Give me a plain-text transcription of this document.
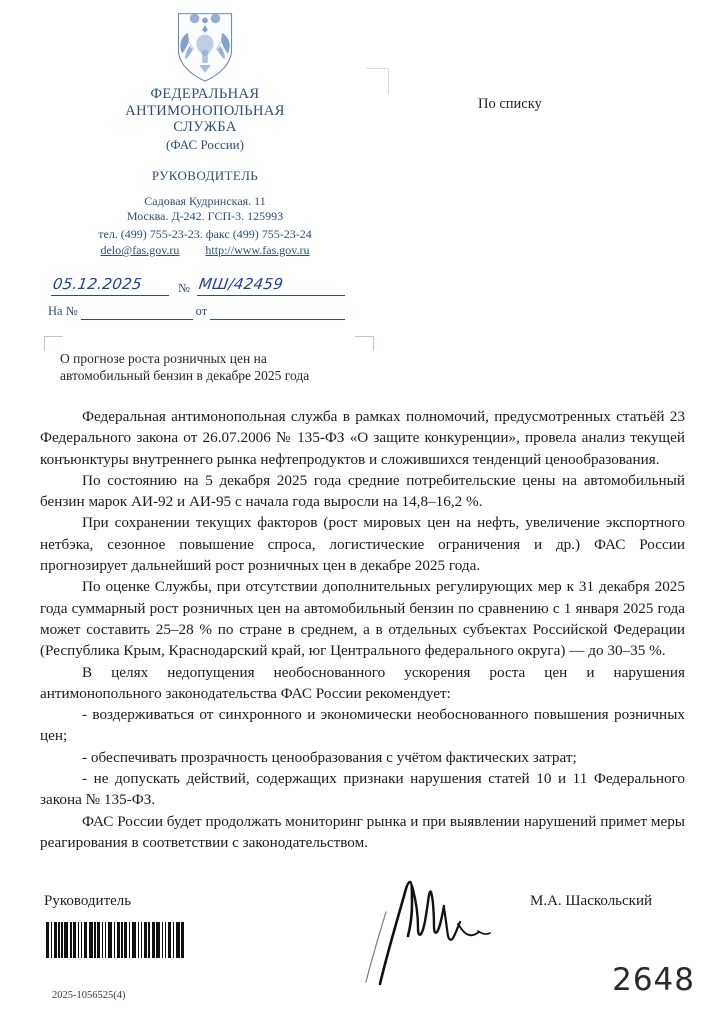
ФЕДЕРАЛЬНАЯ
АНТИМОНОПОЛЬНАЯ
СЛУЖБА
(ФАС России)
РУКОВОДИТЕЛЬ
Садовая Кудринская. 11
Москва. Д-242. ГСП-3. 125993
тел. (499) 755-23-23. факс (499) 755-23-24
delo@fas.gov.ru http://www.fas.gov.ru
05.12.2025	№ МШ/42459
На №	от
По списку
О прогнозе роста розничных цен на
автомобильный бензин в декабре 2025 года

Федеральная антимонопольная служба в рамках полномочий, предусмотренных статьёй 23 Федерального закона от 26.07.2006 № 135-ФЗ «О защите конкуренции», провела анализ текущей конъюнктуры внутреннего рынка нефтепродуктов и сложившихся тенденций ценообразования.

По состоянию на 5 декабря 2025 года средние потребительские цены на автомобильный бензин марок АИ-92 и АИ-95 с начала года выросли на 14,8–16,2 %.

При сохранении текущих факторов (рост мировых цен на нефть, увеличение экспортного нетбэка, сезонное повышение спроса, логистические ограничения и др.) ФАС России прогнозирует дальнейший рост розничных цен в декабре 2025 года.

По оценке Службы, при отсутствии дополнительных регулирующих мер к 31 декабря 2025 года суммарный рост розничных цен на автомобильный бензин по сравнению с 1 января 2025 года может составить 25–28 % по стране в среднем, а в отдельных субъектах Российской Федерации (Республика Крым, Краснодарский край, юг Центрального федерального округа) — до 30–35 %.

В целях недопущения необоснованного ускорения роста цен и нарушения антимонопольного законодательства ФАС России рекомендует:

- воздерживаться от синхронного и экономически необоснованного повышения розничных цен;

- обеспечивать прозрачность ценообразования с учётом фактических затрат;

- не допускать действий, содержащих признаки нарушения статей 10 и 11 Федерального закона № 135-ФЗ.

ФАС России будет продолжать мониторинг рынка и при выявлении нарушений примет меры реагирования в соответствии с законодательством.

Руководитель	М.А. Шаскольский
2025-1056525(4)	2648
